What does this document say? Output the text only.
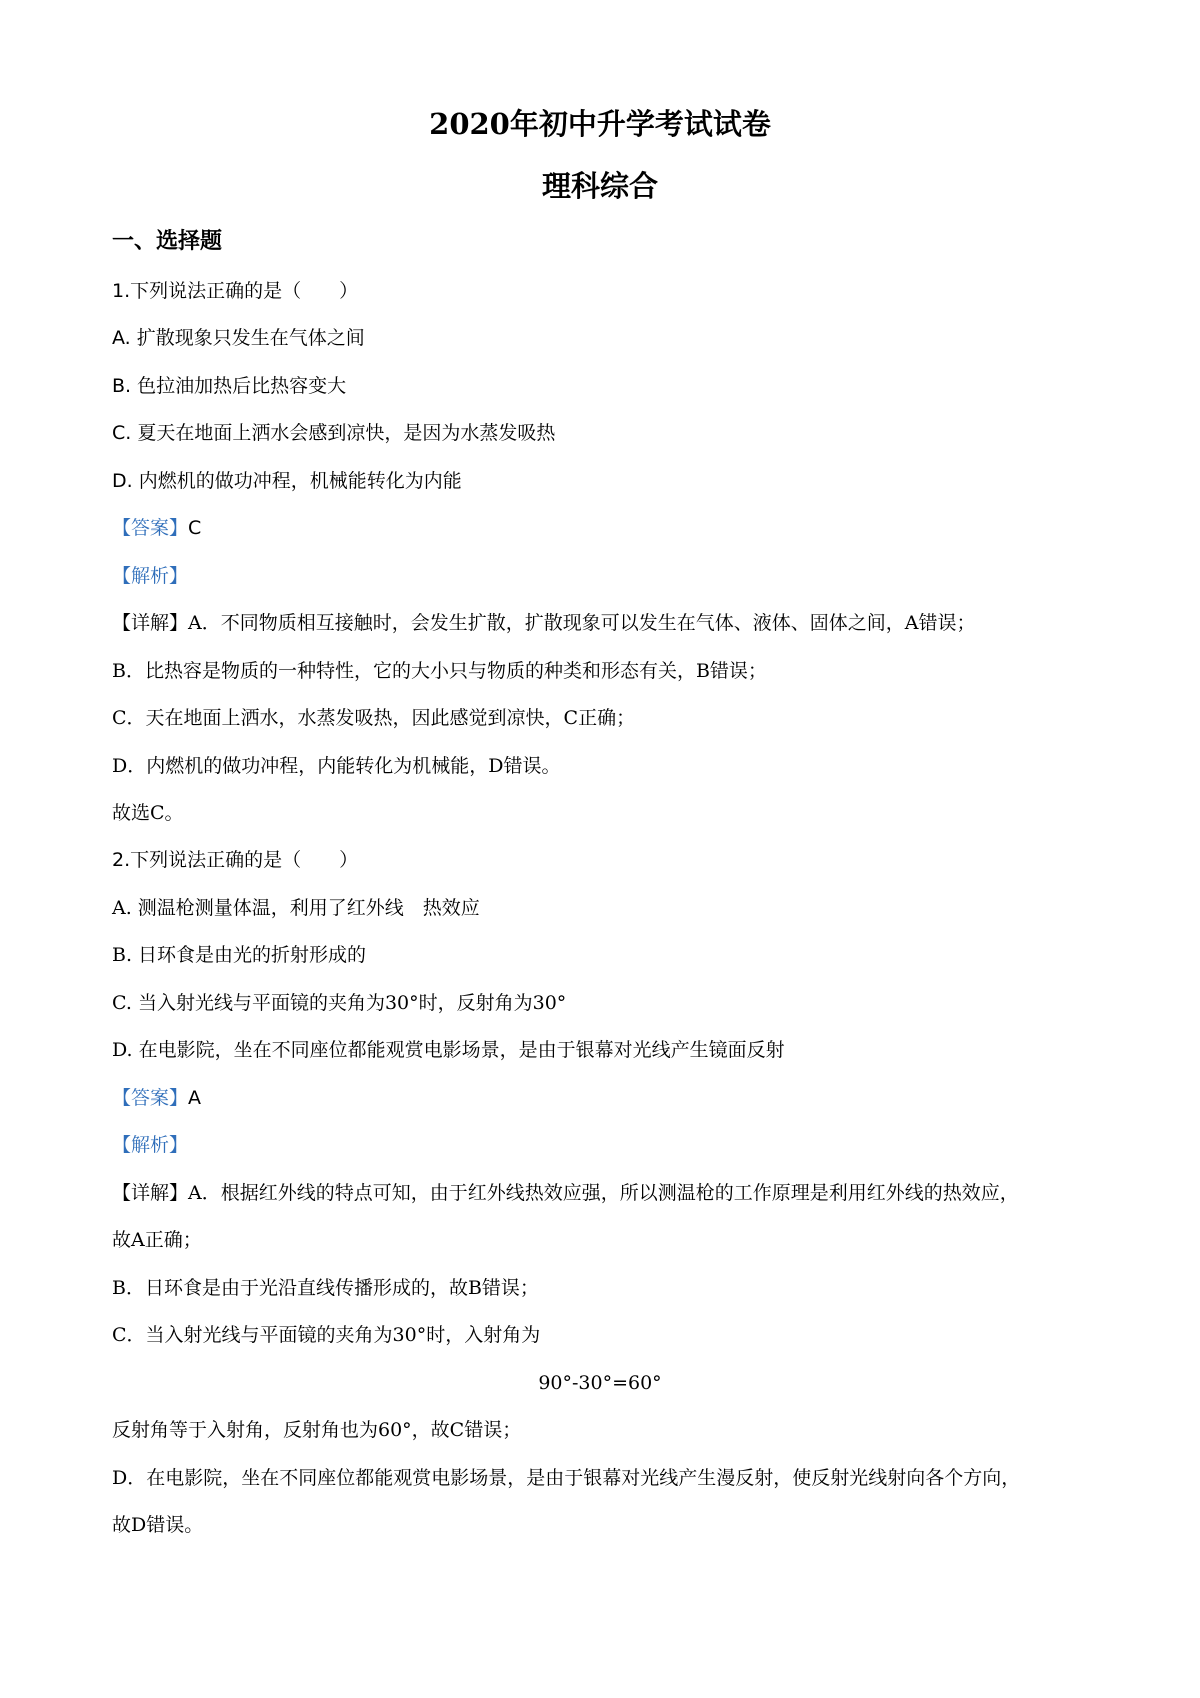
2020年初中升学考试试卷
理科综合
一、选择题
1.下列说法正确的是（　　）
A. 扩散现象只发生在气体之间
B. 色拉油加热后比热容变大
C. 夏天在地面上洒水会感到凉快，是因为水蒸发吸热
D. 内燃机的做功冲程，机械能转化为内能
【答案】C
【解析】
【详解】A．不同物质相互接触时，会发生扩散，扩散现象可以发生在气体、液体、固体之间，A错误；
B．比热容是物质的一种特性，它的大小只与物质的种类和形态有关，B错误；
C．天在地面上洒水，水蒸发吸热，因此感觉到凉快，C正确；
D．内燃机的做功冲程，内能转化为机械能，D错误。
故选C。
2.下列说法正确的是（　　）
A. 测温枪测量体温，利用了红外线　热效应
B. 日环食是由光的折射形成的
C. 当入射光线与平面镜的夹角为30°时，反射角为30°
D. 在电影院，坐在不同座位都能观赏电影场景，是由于银幕对光线产生镜面反射
【答案】A
【解析】
【详解】A．根据红外线的特点可知，由于红外线热效应强，所以测温枪的工作原理是利用红外线的热效应，
故A正确；
B．日环食是由于光沿直线传播形成的，故B错误；
C．当入射光线与平面镜的夹角为30°时，入射角为
90°-30°=60°
反射角等于入射角，反射角也为60°，故C错误；
D．在电影院，坐在不同座位都能观赏电影场景，是由于银幕对光线产生漫反射，使反射光线射向各个方向，
故D错误。
